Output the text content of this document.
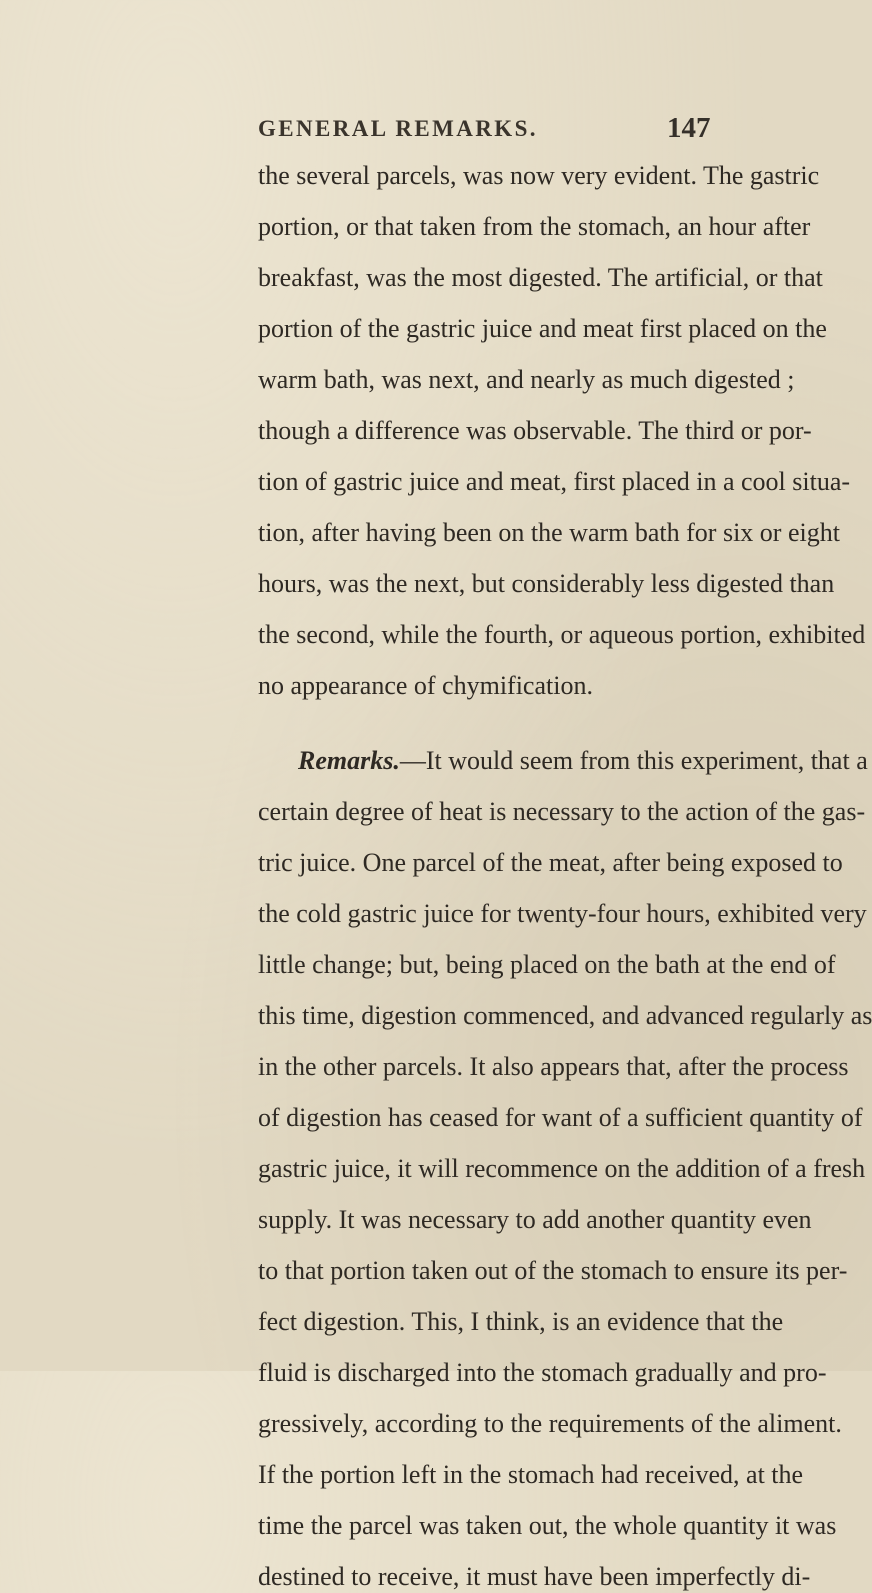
GENERAL REMARKS.	147
the several parcels, was now very evident. The gastric
portion, or that taken from the stomach, an hour after
breakfast, was the most digested. The artificial, or that
portion of the gastric juice and meat first placed on the
warm bath, was next, and nearly as much digested ;
though a difference was observable. The third or por-
tion of gastric juice and meat, first placed in a cool situa-
tion, after having been on the warm bath for six or eight
hours, was the next, but considerably less digested than
the second, while the fourth, or aqueous portion, exhibited
no appearance of chymification.
Remarks.—It would seem from this experiment, that a
certain degree of heat is necessary to the action of the gas-
tric juice. One parcel of the meat, after being exposed to
the cold gastric juice for twenty-four hours, exhibited very
little change; but, being placed on the bath at the end of
this time, digestion commenced, and advanced regularly as
in the other parcels. It also appears that, after the process
of digestion has ceased for want of a sufficient quantity of
gastric juice, it will recommence on the addition of a fresh
supply. It was necessary to add another quantity even
to that portion taken out of the stomach to ensure its per-
fect digestion. This, I think, is an evidence that the
fluid is discharged into the stomach gradually and pro-
gressively, according to the requirements of the aliment.
If the portion left in the stomach had received, at the
time the parcel was taken out, the whole quantity it was
destined to receive, it must have been imperfectly di-
